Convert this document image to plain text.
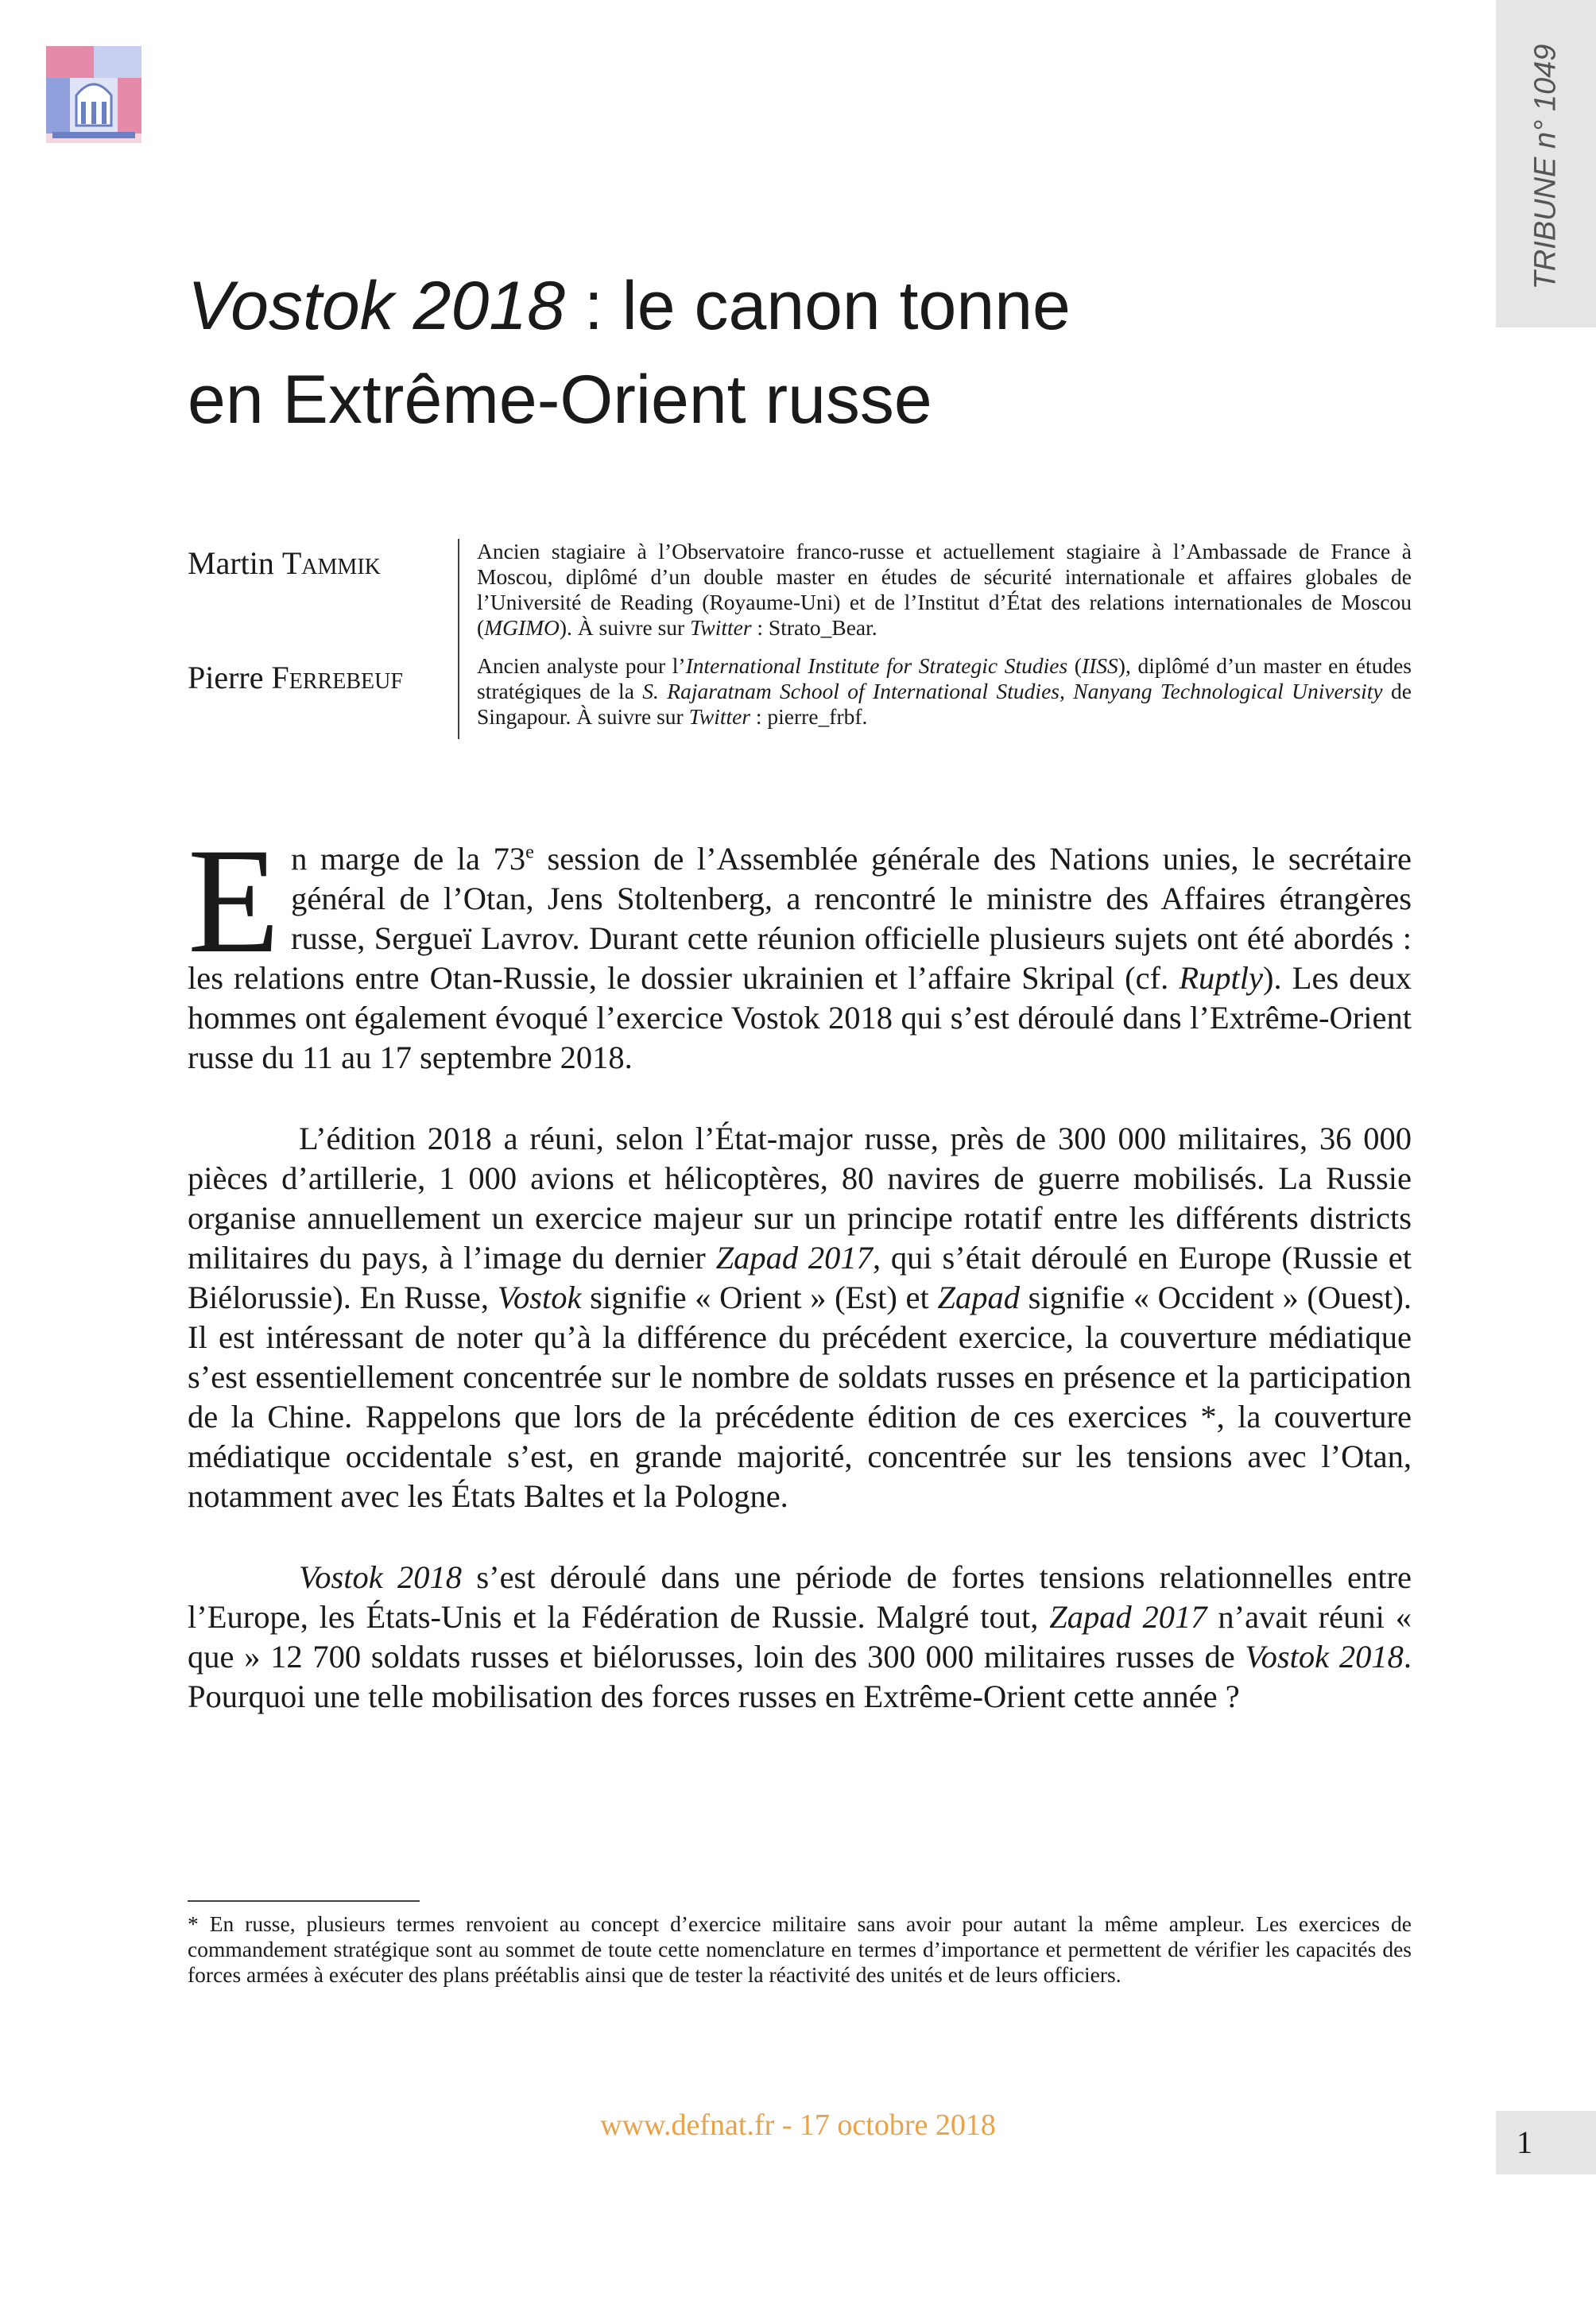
TRIBUNE n° 1049
Vostok 2018 : le canon tonne
en Extrême-Orient russe
Martin Tammik	Ancien stagiaire à l’Observatoire franco-russe et actuellement stagiaire à l’Ambassade de France à Moscou, diplômé d’un double master en études de sécurité internationale et affaires globales de l’Université de Reading (Royaume-Uni) et de l’Institut d’État des relations internationales de Moscou (MGIMO). À suivre sur Twitter : Strato_Bear.
Pierre Ferrebeuf	Ancien analyste pour l’International Institute for Strategic Studies (IISS), diplômé d’un master en études stratégiques de la S. Rajaratnam School of International Studies, Nanyang Technological University de Singapour. À suivre sur Twitter : pierre_frbf.

En marge de la 73e session de l’Assemblée générale des Nations unies, le secrétaire général de l’Otan, Jens Stoltenberg, a rencontré le ministre des Affaires étrangères russe, Sergueï Lavrov. Durant cette réunion officielle plusieurs sujets ont été abordés : les relations entre Otan-Russie, le dossier ukrainien et l’affaire Skripal (cf. Ruptly). Les deux hommes ont également évoqué l’exercice Vostok 2018 qui s’est déroulé dans l’Extrême-Orient russe du 11 au 17 septembre 2018.

L’édition 2018 a réuni, selon l’État-major russe, près de 300 000 militaires, 36 000 pièces d’artillerie, 1 000 avions et hélicoptères, 80 navires de guerre mobilisés. La Russie organise annuellement un exercice majeur sur un principe rotatif entre les différents districts militaires du pays, à l’image du dernier Zapad 2017, qui s’était déroulé en Europe (Russie et Biélorussie). En Russe, Vostok signifie « Orient » (Est) et Zapad signifie « Occident » (Ouest). Il est intéressant de noter qu’à la différence du précédent exercice, la couverture médiatique s’est essentiellement concentrée sur le nombre de soldats russes en présence et la participation de la Chine. Rappelons que lors de la précédente édition de ces exercices *, la couverture médiatique occidentale s’est, en grande majorité, concentrée sur les tensions avec l’Otan, notamment avec les États Baltes et la Pologne.

Vostok 2018 s’est déroulé dans une période de fortes tensions relationnelles entre l’Europe, les États-Unis et la Fédération de Russie. Malgré tout, Zapad 2017 n’avait réuni « que » 12 700 soldats russes et biélorusses, loin des 300 000 militaires russes de Vostok 2018. Pourquoi une telle mobilisation des forces russes en Extrême-Orient cette année ?

* En russe, plusieurs termes renvoient au concept d’exercice militaire sans avoir pour autant la même ampleur. Les exercices de commandement stratégique sont au sommet de toute cette nomenclature en termes d’importance et permettent de vérifier les capacités des forces armées à exécuter des plans préétablis ainsi que de tester la réactivité des unités et de leurs officiers.
www.defnat.fr - 17 octobre 2018	1
